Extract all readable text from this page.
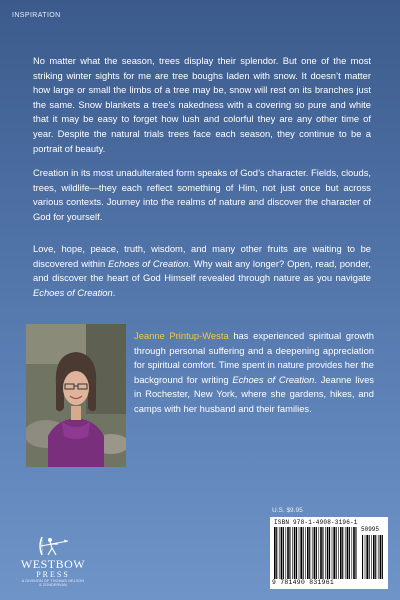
INSPIRATION

No matter what the season, trees display their splendor. But one of the most striking winter sights for me are tree boughs laden with snow. It doesn’t matter how large or small the limbs of a tree may be, snow will rest on its branches just the same. Snow blankets a tree’s nakedness with a covering so pure and white that it may be easy to forget how lush and colorful they are any other time of year. Despite the natural trials trees face each season, they continue to be a portrait of beauty.

Creation in its most unadulterated form speaks of God’s character. Fields, clouds, trees, wildlife—they each reflect something of Him, not just once but across various contexts. Journey into the realms of nature and discover the character of God for yourself.

Love, hope, peace, truth, wisdom, and many other fruits are waiting to be discovered within Echoes of Creation. Why wait any longer? Open, read, ponder, and discover the heart of God Himself revealed through nature as you navigate Echoes of Creation.

Jeanne Printup-Westa has experienced spiritual growth through personal suffering and a deepening appreciation for spiritual comfort. Time spent in nature provides her the background for writing Echoes of Creation. Jeanne lives in Rochester, New York, where she gardens, hikes, and camps with her husband and their families.

WESTBOW
PRESS
A DIVISION OF THOMAS NELSON
& ZONDERVAN
U.S. $9.95
ISBN 978-1-4908-3196-1
50995
9 781490 831961
